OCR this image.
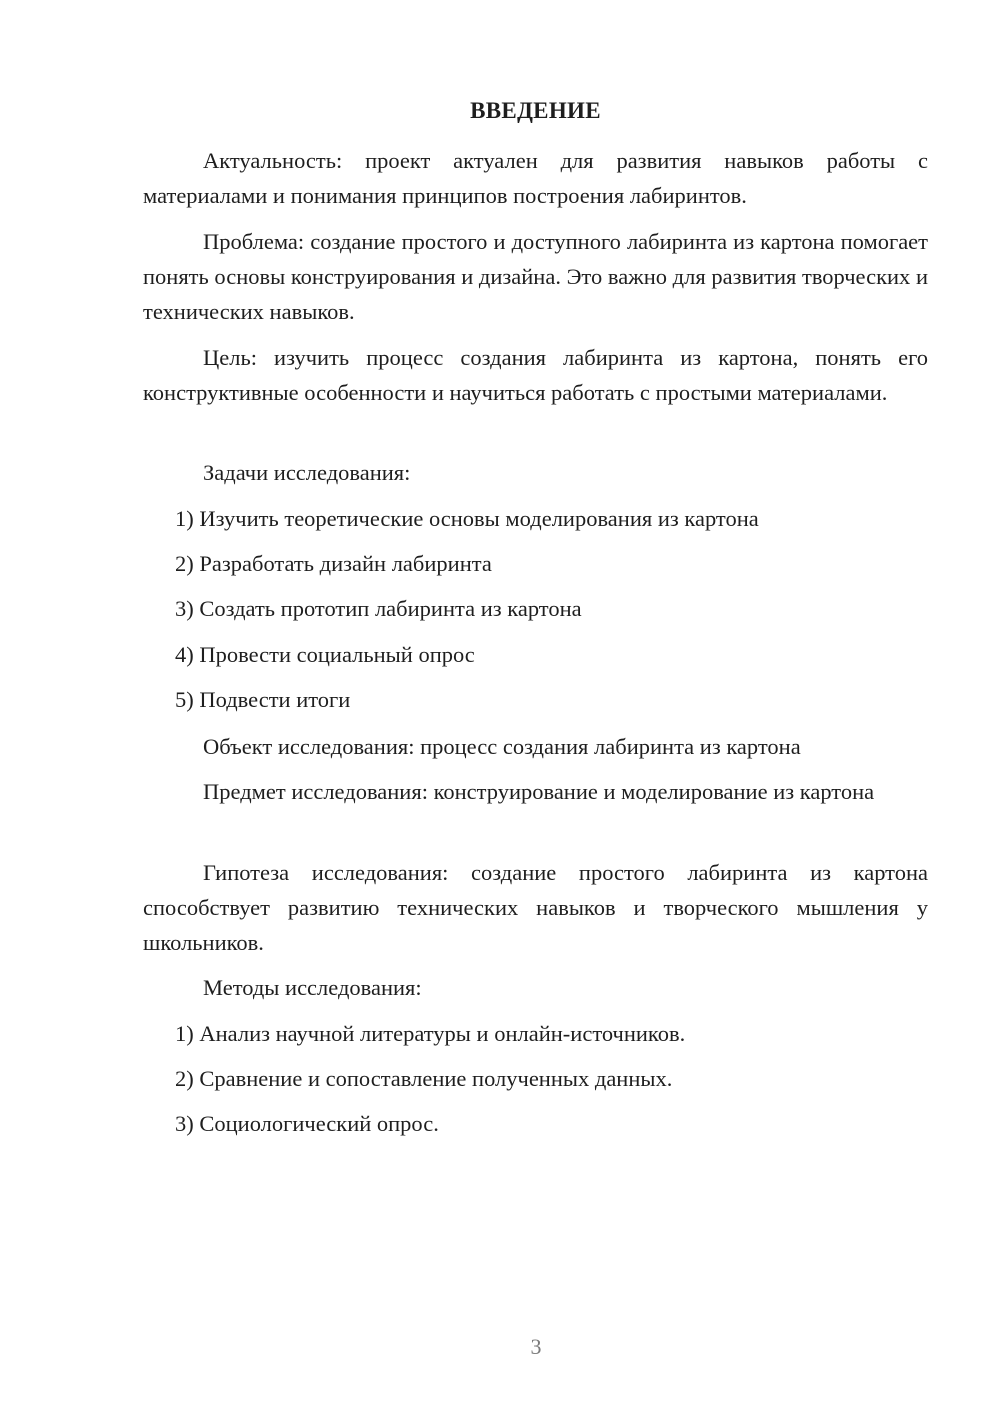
ВВЕДЕНИЕ
Актуальность: проект актуален для развития навыков работы с материалами и понимания принципов построения лабиринтов.
Проблема: создание простого и доступного лабиринта из картона помогает понять основы конструирования и дизайна. Это важно для развития творческих и технических навыков.
Цель: изучить процесс создания лабиринта из картона, понять его конструктивные особенности и научиться работать с простыми материалами.
Задачи исследования:
1) Изучить теоретические основы моделирования из картона
2) Разработать дизайн лабиринта
3) Создать прототип лабиринта из картона
4) Провести социальный опрос
5) Подвести итоги
Объект исследования: процесс создания лабиринта из картона
Предмет исследования: конструирование и моделирование из картона
Гипотеза исследования: создание простого лабиринта из картона способствует развитию технических навыков и творческого мышления у школьников.
Методы исследования:
1) Анализ научной литературы и онлайн-источников.
2) Сравнение и сопоставление полученных данных.
3) Социологический опрос.
3
